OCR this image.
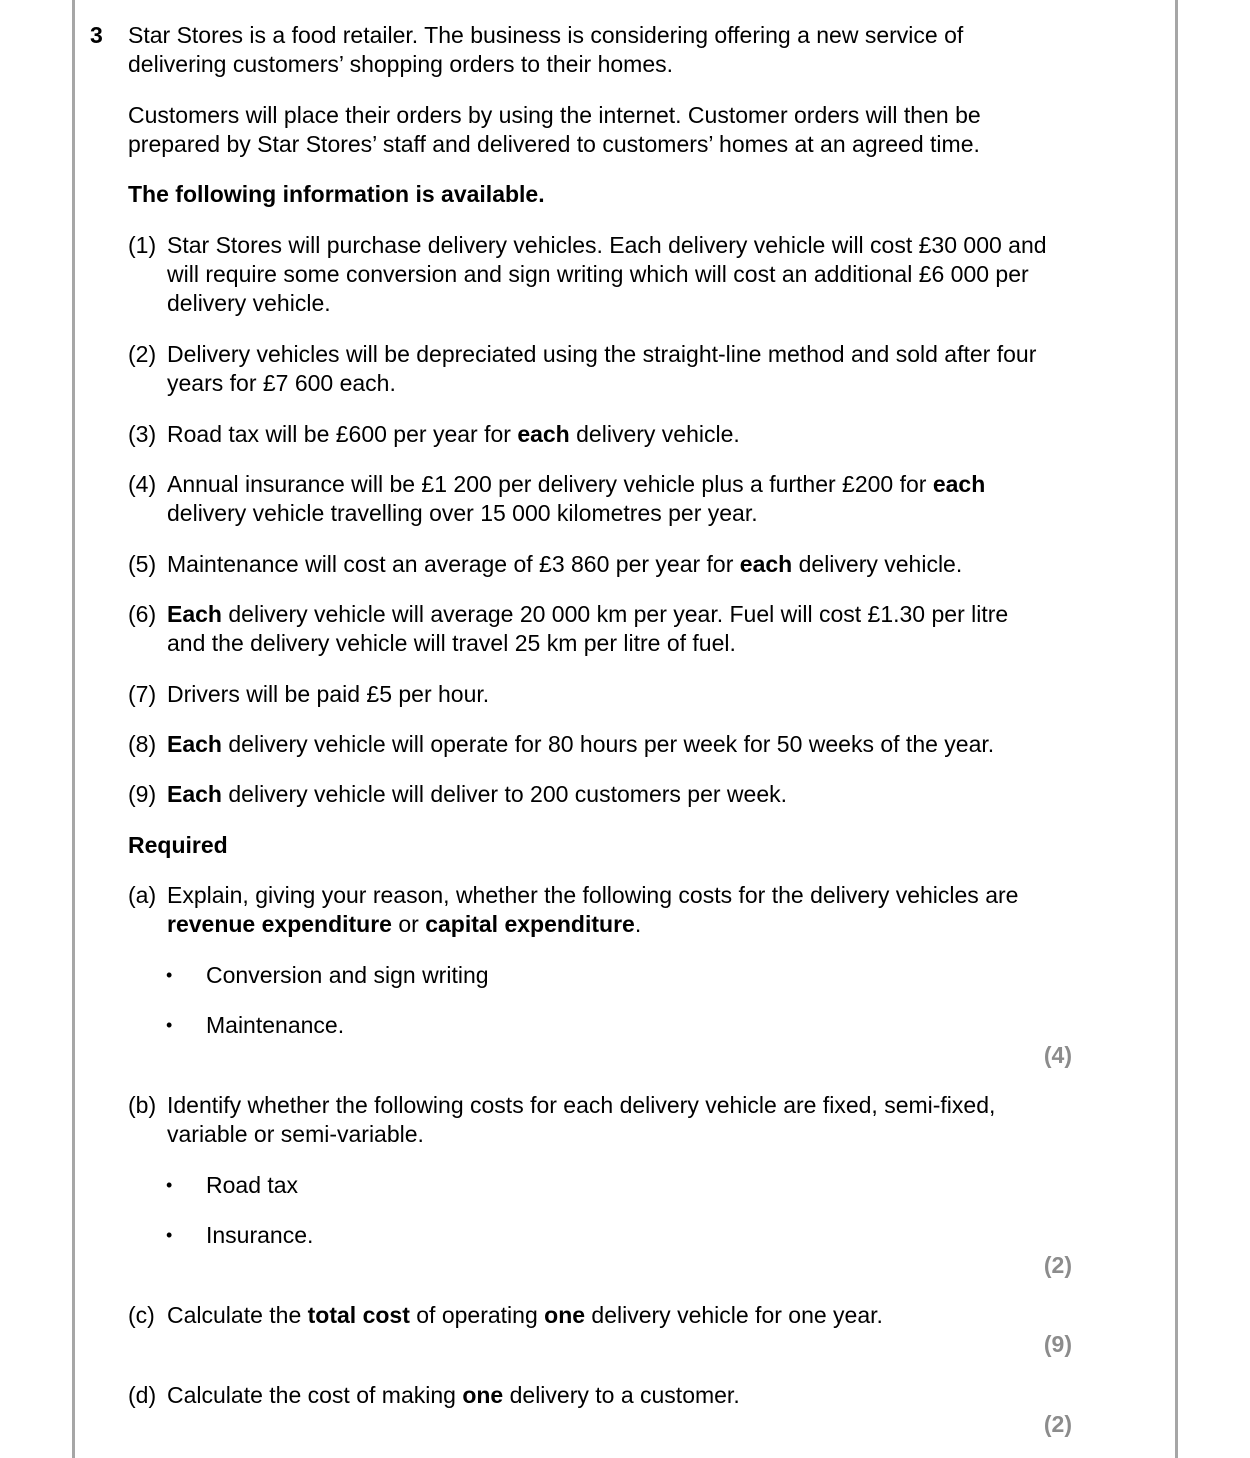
3 Star Stores is a food retailer. The business is considering offering a new service of delivering customers’ shopping orders to their homes.

Customers will place their orders by using the internet. Customer orders will then be prepared by Star Stores’ staff and delivered to customers’ homes at an agreed time.

The following information is available.

(1) Star Stores will purchase delivery vehicles. Each delivery vehicle will cost £30 000 and will require some conversion and sign writing which will cost an additional £6 000 per delivery vehicle.
(2) Delivery vehicles will be depreciated using the straight-line method and sold after four years for £7 600 each.
(3) Road tax will be £600 per year for each delivery vehicle.
(4) Annual insurance will be £1 200 per delivery vehicle plus a further £200 for each delivery vehicle travelling over 15 000 kilometres per year.
(5) Maintenance will cost an average of £3 860 per year for each delivery vehicle.
(6) Each delivery vehicle will average 20 000 km per year. Fuel will cost £1.30 per litre and the delivery vehicle will travel 25 km per litre of fuel.
(7) Drivers will be paid £5 per hour.
(8) Each delivery vehicle will operate for 80 hours per week for 50 weeks of the year.
(9) Each delivery vehicle will deliver to 200 customers per week.

Required

(a) Explain, giving your reason, whether the following costs for the delivery vehicles are revenue expenditure or capital expenditure.
• Conversion and sign writing
• Maintenance.
(4)
(b) Identify whether the following costs for each delivery vehicle are fixed, semi-fixed, variable or semi-variable.
• Road tax
• Insurance.
(2)
(c) Calculate the total cost of operating one delivery vehicle for one year.
(9)
(d) Calculate the cost of making one delivery to a customer.
(2)
